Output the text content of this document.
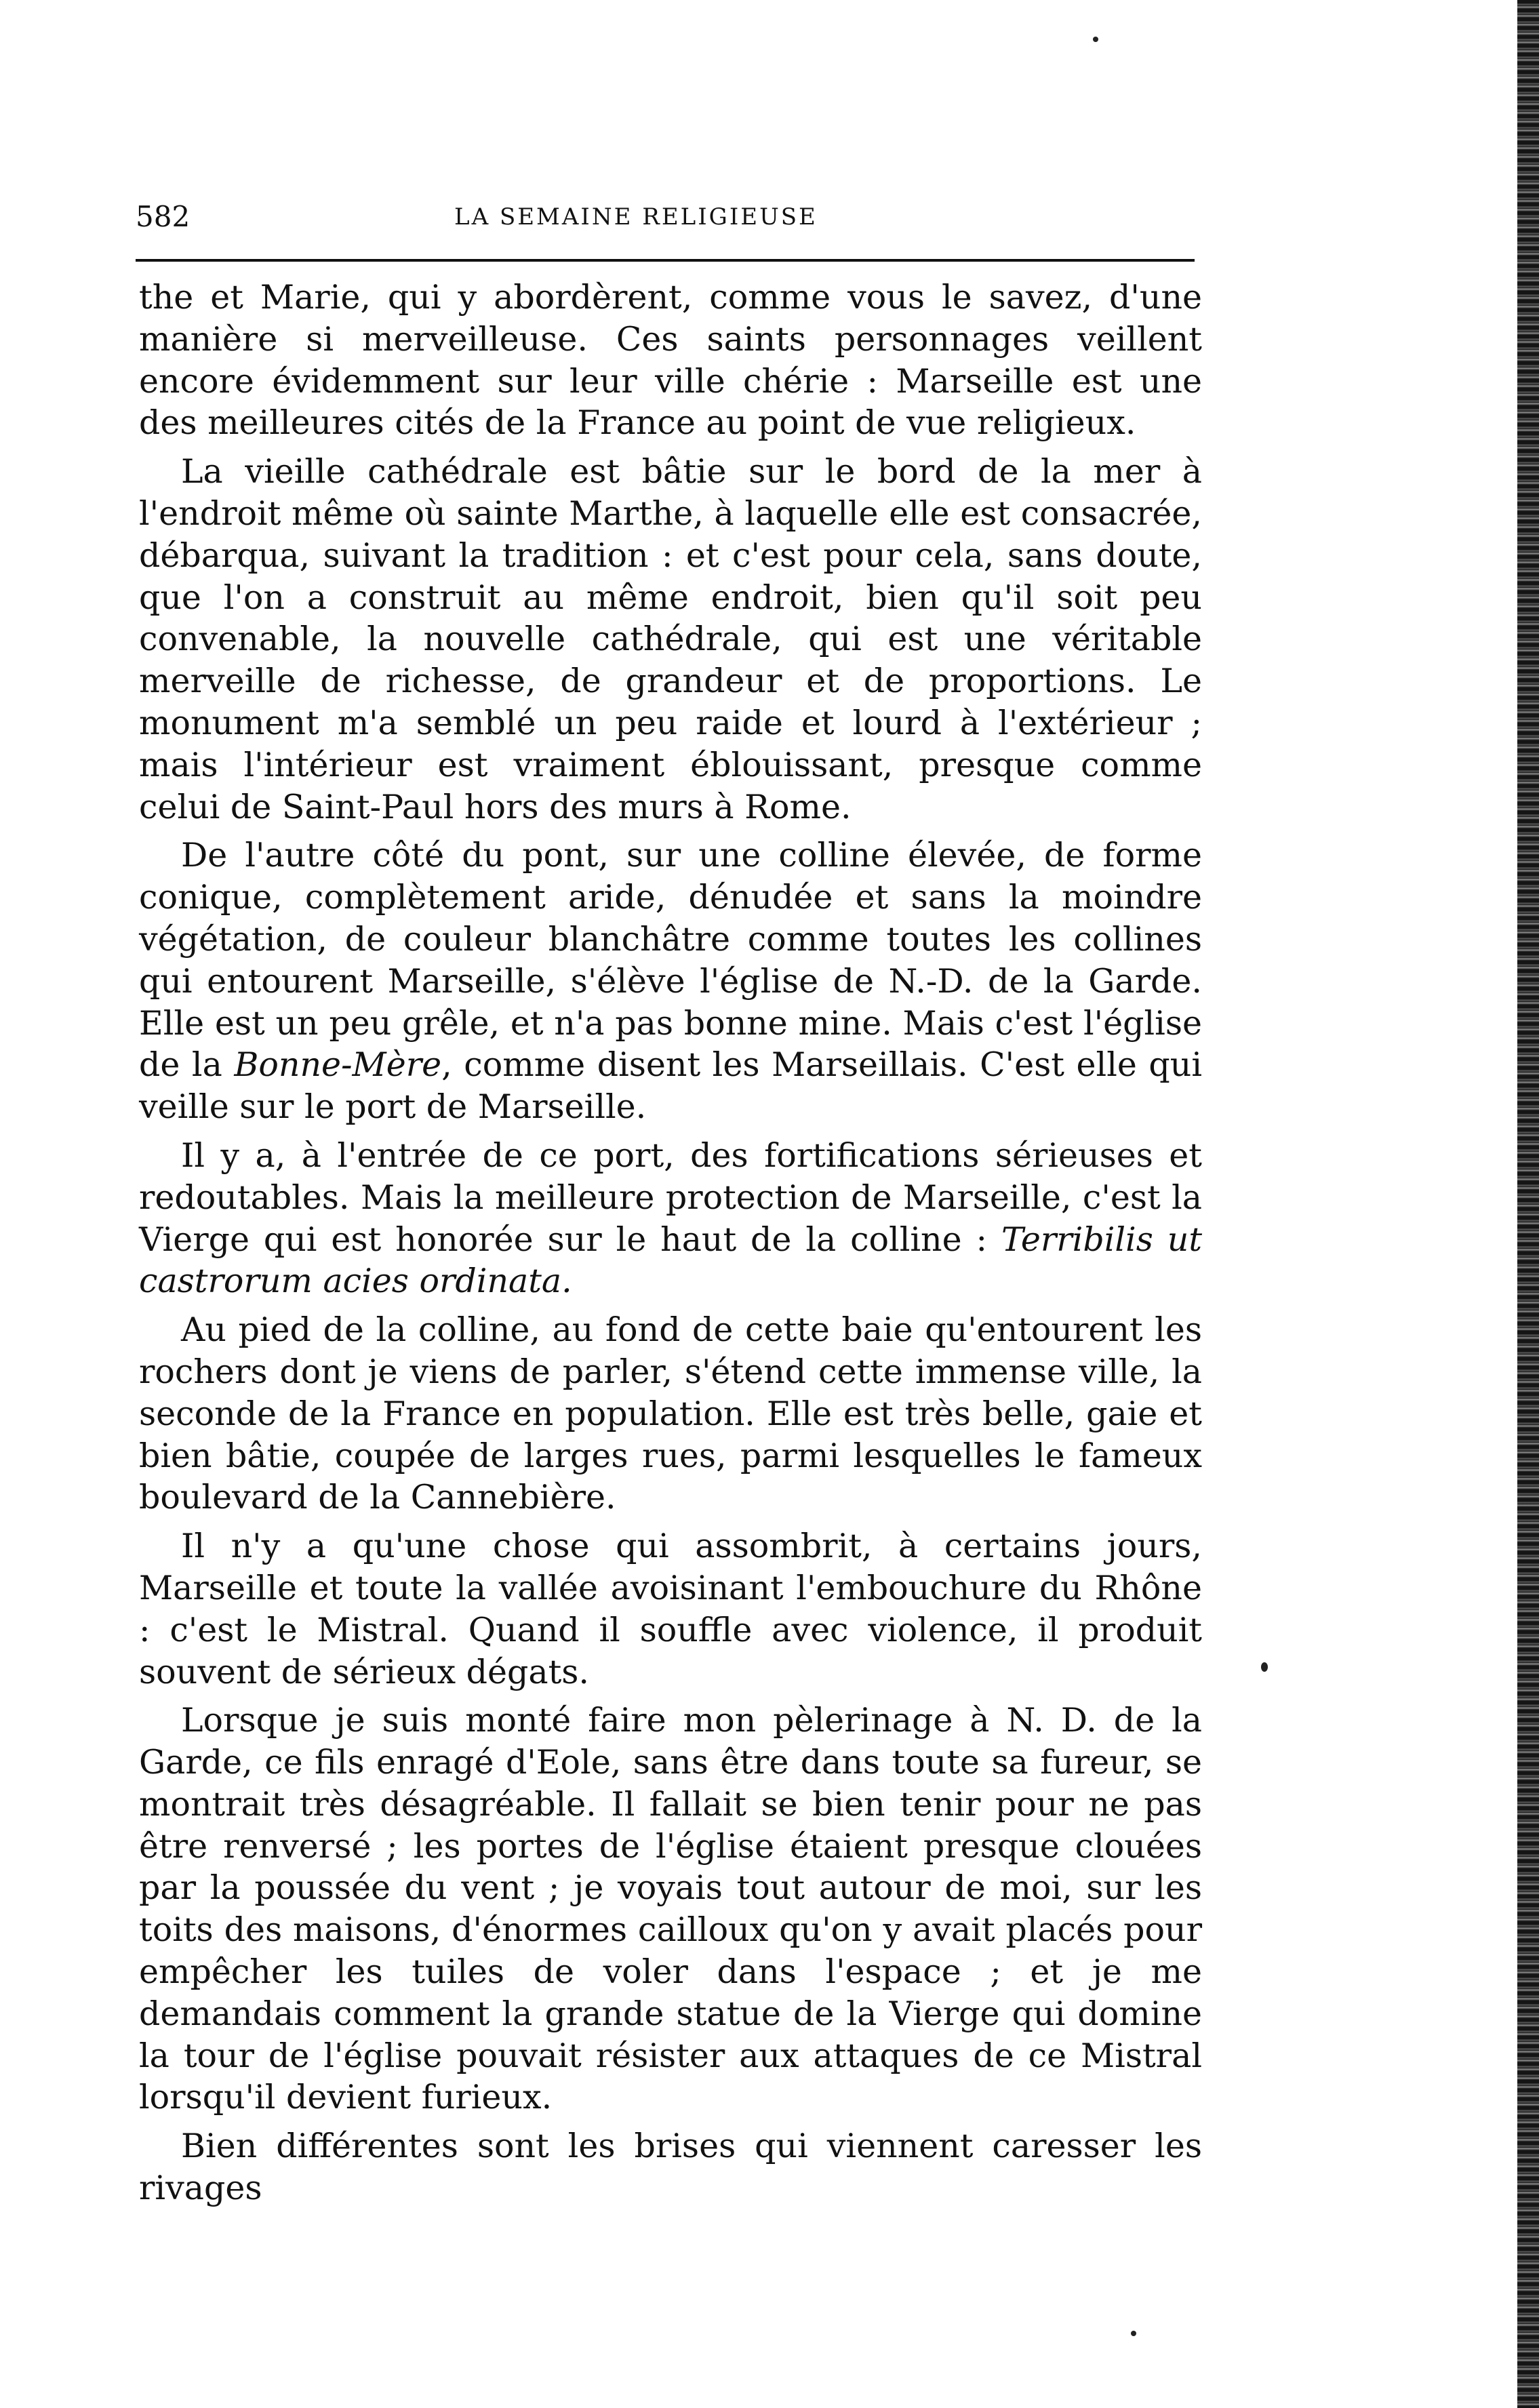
582	LA SEMAINE RELIGIEUSE

the et Marie, qui y abordèrent, comme vous le savez, d'une manière si merveilleuse. Ces saints personnages veillent encore évidemment sur leur ville chérie : Marseille est une des meilleures cités de la France au point de vue religieux.

La vieille cathédrale est bâtie sur le bord de la mer à l'endroit même où sainte Marthe, à laquelle elle est consacrée, débarqua, suivant la tradition : et c'est pour cela, sans doute, que l'on a construit au même endroit, bien qu'il soit peu convenable, la nouvelle cathédrale, qui est une véritable merveille de richesse, de grandeur et de proportions. Le monument m'a semblé un peu raide et lourd à l'extérieur ; mais l'intérieur est vraiment éblouissant, presque comme celui de Saint-Paul hors des murs à Rome.

De l'autre côté du pont, sur une colline élevée, de forme conique, complètement aride, dénudée et sans la moindre végétation, de couleur blanchâtre comme toutes les collines qui entourent Marseille, s'élève l'église de N.-D. de la Garde. Elle est un peu grêle, et n'a pas bonne mine. Mais c'est l'église de la Bonne-Mère, comme disent les Marseillais. C'est elle qui veille sur le port de Marseille.

Il y a, à l'entrée de ce port, des fortifications sérieuses et redoutables. Mais la meilleure protection de Marseille, c'est la Vierge qui est honorée sur le haut de la colline : Terribilis ut castrorum acies ordinata.

Au pied de la colline, au fond de cette baie qu'entourent les rochers dont je viens de parler, s'étend cette immense ville, la seconde de la France en population. Elle est très belle, gaie et bien bâtie, coupée de larges rues, parmi lesquelles le fameux boulevard de la Cannebière.

Il n'y a qu'une chose qui assombrit, à certains jours, Marseille et toute la vallée avoisinant l'embouchure du Rhône : c'est le Mistral. Quand il souffle avec violence, il produit souvent de sérieux dégats.

Lorsque je suis monté faire mon pèlerinage à N. D. de la Garde, ce fils enragé d'Eole, sans être dans toute sa fureur, se montrait très désagréable. Il fallait se bien tenir pour ne pas être renversé ; les portes de l'église étaient presque clouées par la poussée du vent ; je voyais tout autour de moi, sur les toits des maisons, d'énormes cailloux qu'on y avait placés pour empêcher les tuiles de voler dans l'espace ; et je me demandais comment la grande statue de la Vierge qui domine la tour de l'église pouvait résister aux attaques de ce Mistral lorsqu'il devient furieux.

Bien différentes sont les brises qui viennent caresser les rivages
